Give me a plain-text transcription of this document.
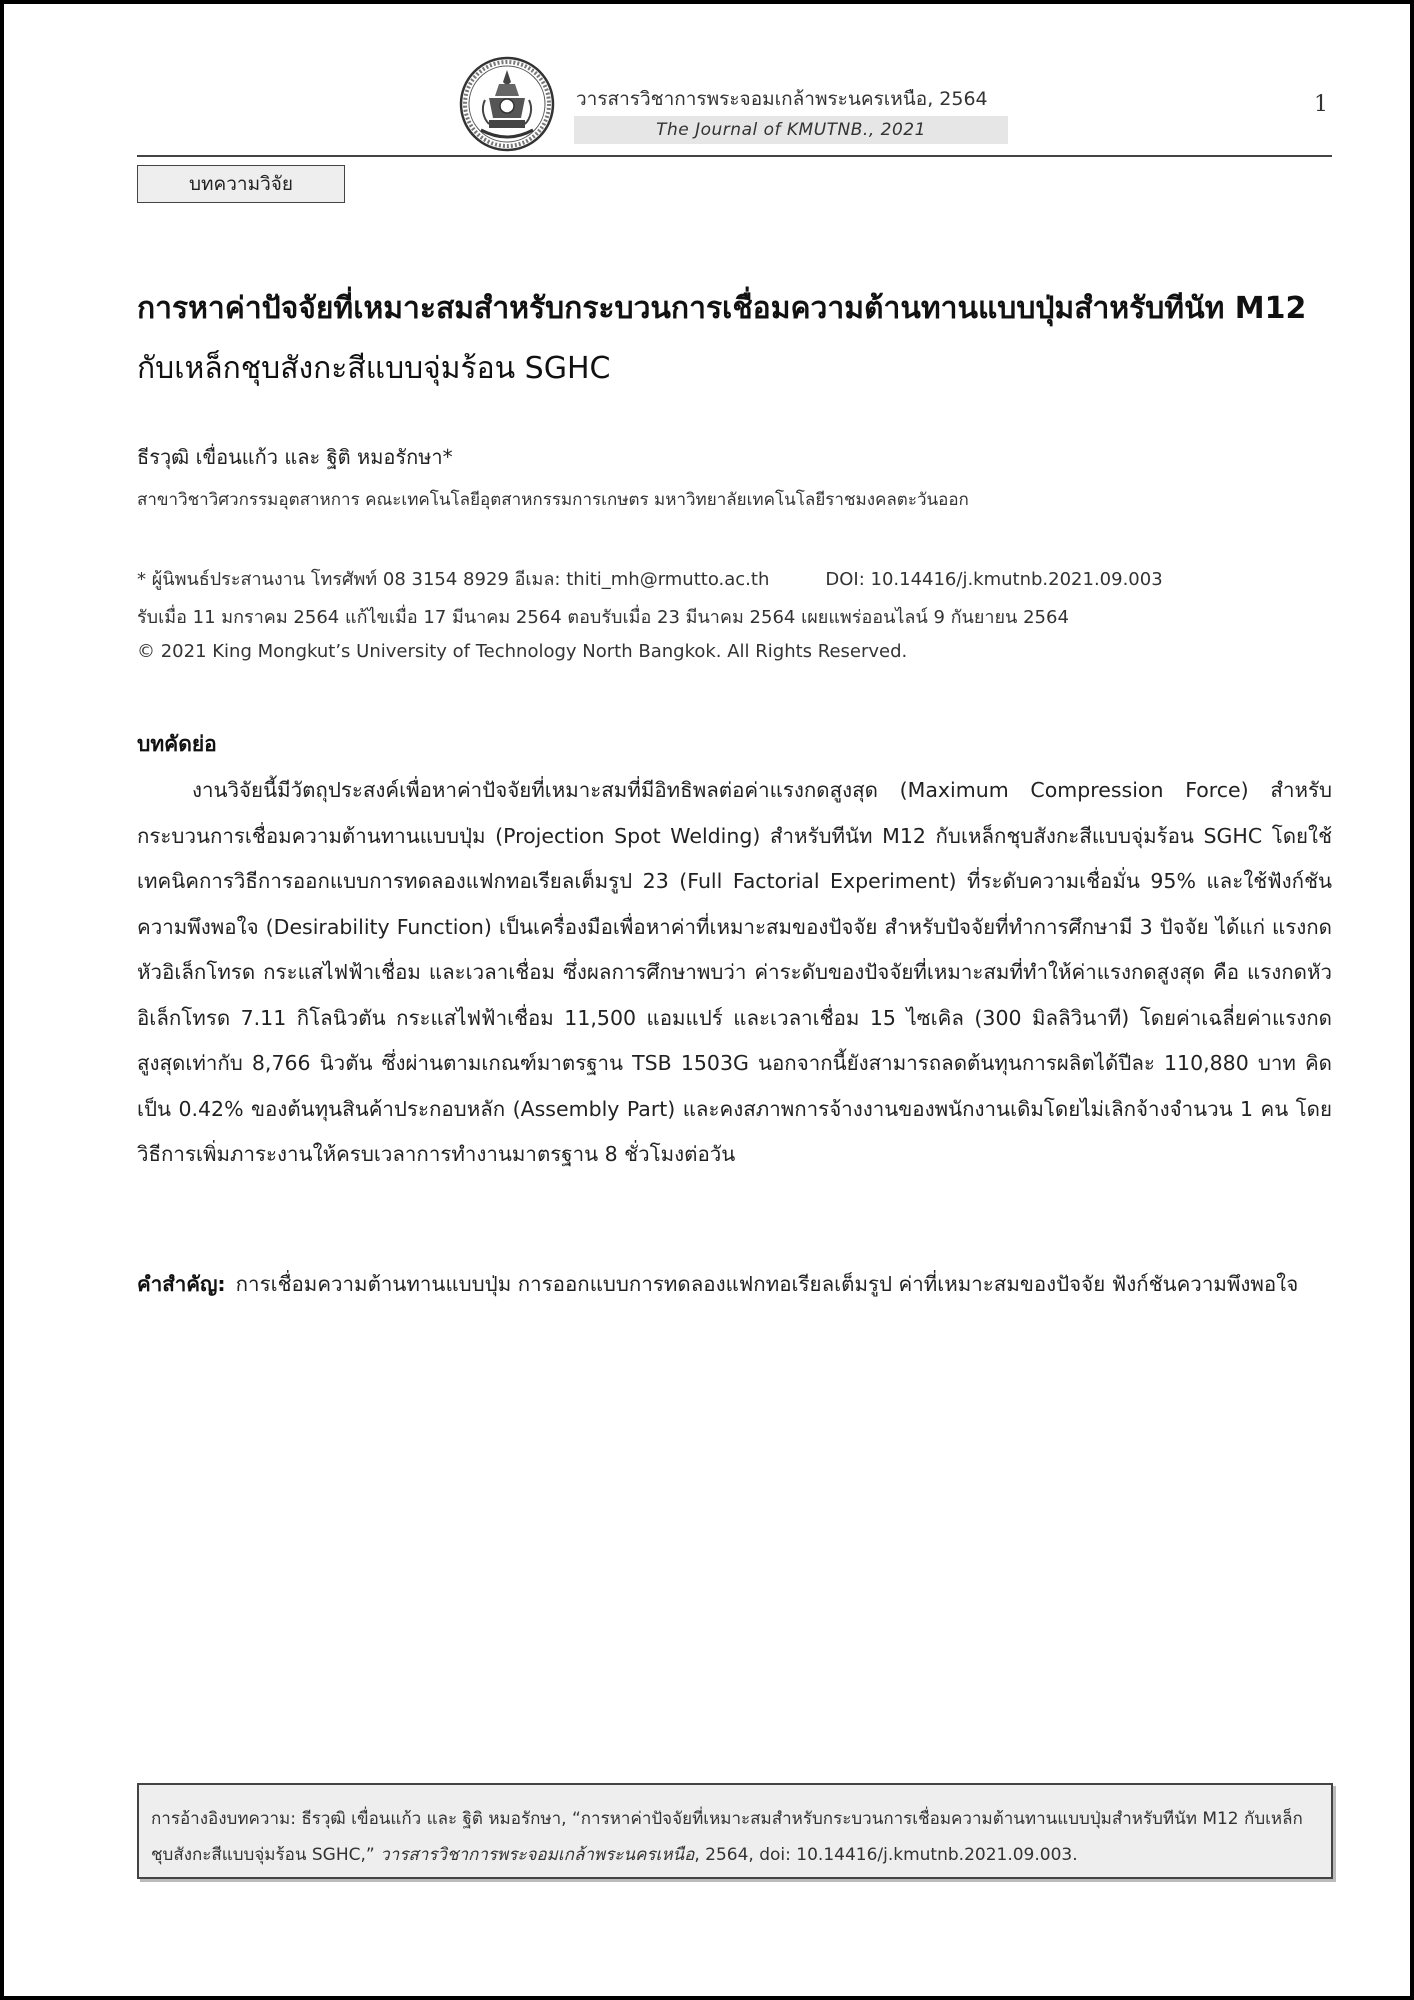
วารสารวิชาการพระจอมเกล้าพระนครเหนือ, 2564
The Journal of KMUTNB., 2021
1
บทความวิจัย
การหาค่าปัจจัยที่เหมาะสมสำหรับกระบวนการเชื่อมความต้านทานแบบปุ่มสำหรับทีนัท M12
กับเหล็กชุบสังกะสีแบบจุ่มร้อน SGHC
ธีรวุฒิ เขื่อนแก้ว และ ฐิติ หมอรักษา*
สาขาวิชาวิศวกรรมอุตสาหการ คณะเทคโนโลยีอุตสาหกรรมการเกษตร มหาวิทยาลัยเทคโนโลยีราชมงคลตะวันออก
* ผู้นิพนธ์ประสานงาน โทรศัพท์ 08 3154 8929 อีเมล: thiti_mh@rmutto.ac.th	DOI: 10.14416/j.kmutnb.2021.09.003
รับเมื่อ 11 มกราคม 2564 แก้ไขเมื่อ 17 มีนาคม 2564 ตอบรับเมื่อ 23 มีนาคม 2564 เผยแพร่ออนไลน์ 9 กันยายน 2564
© 2021 King Mongkut’s University of Technology North Bangkok. All Rights Reserved.
บทคัดย่อ

งานวิจัยนี้มีวัตถุประสงค์เพื่อหาค่าปัจจัยที่เหมาะสมที่มีอิทธิพลต่อค่าแรงกดสูงสุด (Maximum Compression Force) สำหรับกระบวนการเชื่อมความต้านทานแบบปุ่ม (Projection Spot Welding) สำหรับทีนัท M12 กับเหล็กชุบสังกะสีแบบจุ่มร้อน SGHC โดยใช้เทคนิคการวิธีการออกแบบการทดลองแฟกทอเรียลเต็มรูป 23 (Full Factorial Experiment) ที่ระดับความเชื่อมั่น 95% และใช้ฟังก์ชันความพึงพอใจ (Desirability Function) เป็นเครื่องมือเพื่อหาค่าที่เหมาะสมของปัจจัย สำหรับปัจจัยที่ทำการศึกษามี 3 ปัจจัย ได้แก่ แรงกดหัวอิเล็กโทรด กระแสไฟฟ้าเชื่อม และเวลาเชื่อม ซึ่งผลการศึกษาพบว่า ค่าระดับของปัจจัยที่เหมาะสมที่ทำให้ค่าแรงกดสูงสุด คือ แรงกดหัวอิเล็กโทรด 7.11 กิโลนิวตัน กระแสไฟฟ้าเชื่อม 11,500 แอมแปร์ และเวลาเชื่อม 15 ไซเคิล (300 มิลลิวินาที) โดยค่าเฉลี่ยค่าแรงกดสูงสุดเท่ากับ 8,766 นิวตัน ซึ่งผ่านตามเกณฑ์มาตรฐาน TSB 1503G นอกจากนี้ยังสามารถลดต้นทุนการผลิตได้ปีละ 110,880 บาท คิดเป็น 0.42% ของต้นทุนสินค้าประกอบหลัก (Assembly Part) และคงสภาพการจ้างงานของพนักงานเดิมโดยไม่เลิกจ้างจำนวน 1 คน โดยวิธีการเพิ่มภาระงานให้ครบเวลาการทำงานมาตรฐาน 8 ชั่วโมงต่อวัน

คำสำคัญ: การเชื่อมความต้านทานแบบปุ่ม การออกแบบการทดลองแฟกทอเรียลเต็มรูป ค่าที่เหมาะสมของปัจจัย ฟังก์ชันความพึงพอใจ
การอ้างอิงบทความ: ธีรวุฒิ เขื่อนแก้ว และ ฐิติ หมอรักษา, “การหาค่าปัจจัยที่เหมาะสมสำหรับกระบวนการเชื่อมความต้านทานแบบปุ่มสำหรับทีนัท M12 กับเหล็กชุบสังกะสีแบบจุ่มร้อน SGHC,” วารสารวิชาการพระจอมเกล้าพระนครเหนือ, 2564, doi: 10.14416/j.kmutnb.2021.09.003.
